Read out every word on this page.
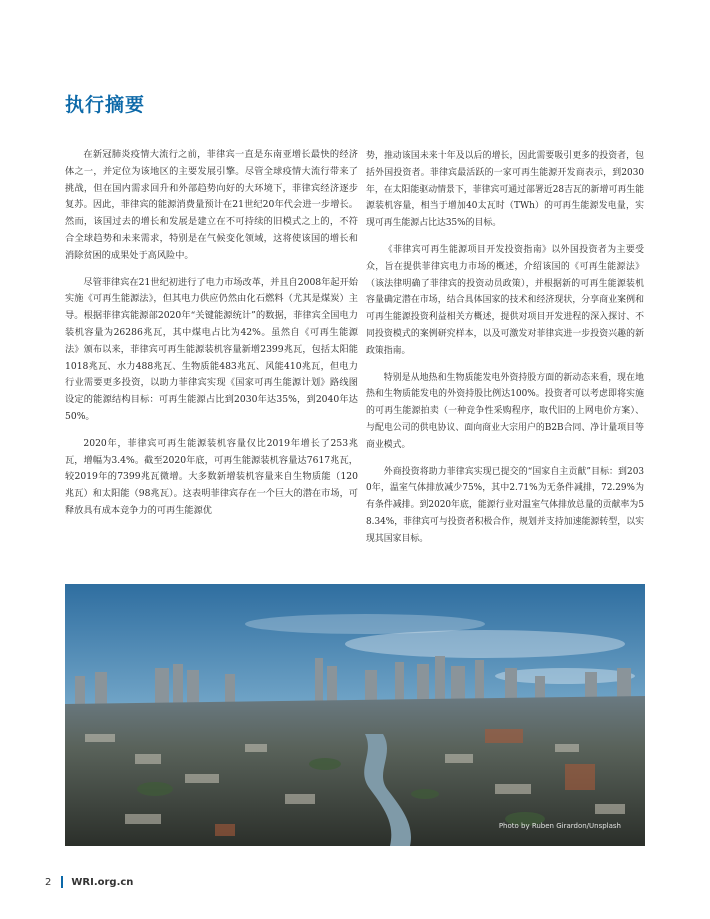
执行摘要

在新冠肺炎疫情大流行之前，菲律宾一直是东南亚增长最快的经济体之一，并定位为该地区的主要发展引擎。尽管全球疫情大流行带来了挑战，但在国内需求回升和外部趋势向好的大环境下，菲律宾经济逐步复苏。因此，菲律宾的能源消费量预计在21世纪20年代会进一步增长。然而，该国过去的增长和发展是建立在不可持续的旧模式之上的，不符合全球趋势和未来需求，特别是在气候变化领域，这将使该国的增长和消除贫困的成果处于高风险中。

尽管菲律宾在21世纪初进行了电力市场改革，并且自2008年起开始实施《可再生能源法》，但其电力供应仍然由化石燃料（尤其是煤炭）主导。根据菲律宾能源部2020年“关键能源统计”的数据，菲律宾全国电力装机容量为26286兆瓦，其中煤电占比为42%。虽然自《可再生能源法》颁布以来，菲律宾可再生能源装机容量新增2399兆瓦，包括太阳能1018兆瓦、水力488兆瓦、生物质能483兆瓦、风能410兆瓦，但电力行业需要更多投资，以助力菲律宾实现《国家可再生能源计划》路线图设定的能源结构目标：可再生能源占比到2030年达35%，到2040年达50%。

2020年，菲律宾可再生能源装机容量仅比2019年增长了253兆瓦，增幅为3.4%。截至2020年底，可再生能源装机容量达7617兆瓦，较2019年的7399兆瓦微增。大多数新增装机容量来自生物质能（120兆瓦）和太阳能（98兆瓦）。这表明菲律宾存在一个巨大的潜在市场，可释放具有成本竞争力的可再生能源优

势，推动该国未来十年及以后的增长，因此需要吸引更多的投资者，包括外国投资者。菲律宾最活跃的一家可再生能源开发商表示，到2030年，在太阳能驱动情景下，菲律宾可通过部署近28吉瓦的新增可再生能源装机容量，相当于增加40太瓦时（TWh）的可再生能源发电量，实现可再生能源占比达35%的目标。

《菲律宾可再生能源项目开发投资指南》以外国投资者为主要受众，旨在提供菲律宾电力市场的概述，介绍该国的《可再生能源法》（该法律明确了菲律宾的投资动员政策），并根据新的可再生能源装机容量确定潜在市场，结合具体国家的技术和经济现状，分享商业案例和可再生能源投资利益相关方概述，提供对项目开发进程的深入探讨、不同投资模式的案例研究样本，以及可激发对菲律宾进一步投资兴趣的新政策指南。

特别是从地热和生物质能发电外资持股方面的新动态来看，现在地热和生物质能发电的外资持股比例达100%。投资者可以考虑即将实施的可再生能源拍卖（一种竞争性采购程序，取代旧的上网电价方案）、与配电公司的供电协议、面向商业大宗用户的B2B合同、净计量项目等商业模式。

外商投资将助力菲律宾实现已提交的“国家自主贡献”目标：到2030年，温室气体排放减少75%，其中2.71%为无条件减排，72.29%为有条件减排。到2020年底，能源行业对温室气体排放总量的贡献率为58.34%，菲律宾可与投资者积极合作，规划并支持加速能源转型，以实现其国家目标。

Photo by Ruben Girardon/Unsplash

2 WRI.org.cn
